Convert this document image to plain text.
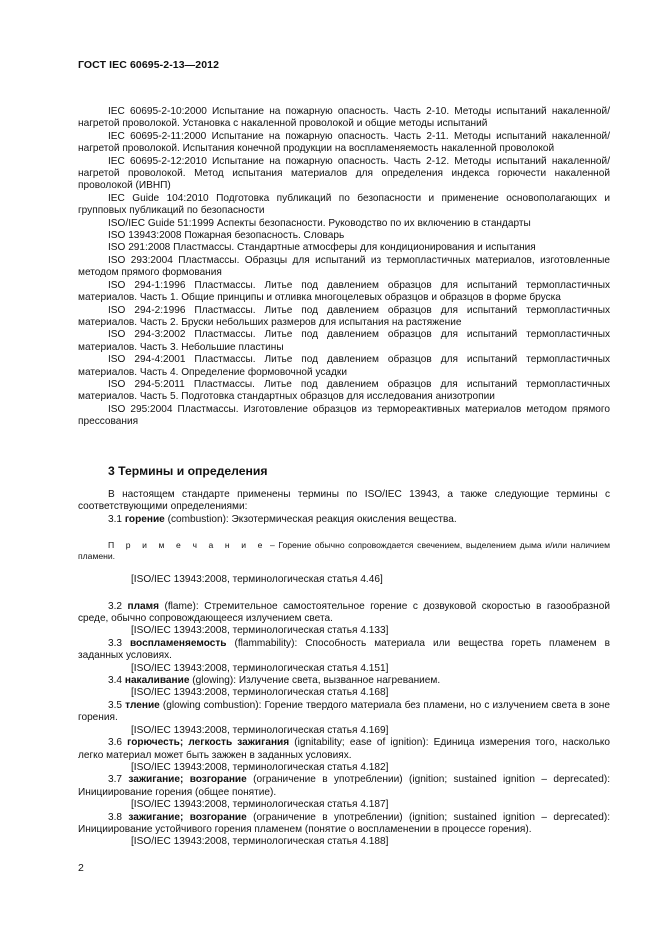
ГОСТ IEC 60695-2-13—2012

IEC 60695-2-10:2000 Испытание на пожарную опасность. Часть 2-10. Методы испытаний накаленной/нагретой проволокой. Установка с накаленной проволокой и общие методы испытаний

IEC 60695-2-11:2000 Испытание на пожарную опасность. Часть 2-11. Методы испытаний накаленной/нагретой проволокой. Испытания конечной продукции на воспламеняемость накаленной проволокой

IEC 60695-2-12:2010 Испытание на пожарную опасность. Часть 2-12. Методы испытаний накаленной/нагретой проволокой. Метод испытания материалов для определения индекса горючести накаленной проволокой (ИВНП)

IEC Guide 104:2010 Подготовка публикаций по безопасности и применение основополагающих и групповых публикаций по безопасности

ISO/IEC Guide 51:1999 Аспекты безопасности. Руководство по их включению в стандарты

ISO 13943:2008 Пожарная безопасность. Словарь

ISO 291:2008 Пластмассы. Стандартные атмосферы для кондиционирования и испытания

ISO 293:2004 Пластмассы. Образцы для испытаний из термопластичных материалов, изготовленные методом прямого формования

ISO 294-1:1996 Пластмассы. Литье под давлением образцов для испытаний термопластичных материалов. Часть 1. Общие принципы и отливка многоцелевых образцов и образцов в форме бруска

ISO 294-2:1996 Пластмассы. Литье под давлением образцов для испытаний термопластичных материалов. Часть 2. Бруски небольших размеров для испытания на растяжение

ISO 294-3:2002 Пластмассы. Литье под давлением образцов для испытаний термопластичных материалов. Часть 3. Небольшие пластины

ISO 294-4:2001 Пластмассы. Литье под давлением образцов для испытаний термопластичных материалов. Часть 4. Определение формовочной усадки

ISO 294-5:2011 Пластмассы. Литье под давлением образцов для испытаний термопластичных материалов. Часть 5. Подготовка стандартных образцов для исследования анизотропии

ISO 295:2004 Пластмассы. Изготовление образцов из термореактивных материалов методом прямого прессования

3 Термины и определения

В настоящем стандарте применены термины по ISO/IEC 13943, а также следующие термины с соответствующими определениями:

3.1 горение (combustion): Экзотермическая реакция окисления вещества.

П р и м е ч а н и е – Горение обычно сопровождается свечением, выделением дыма и/или наличием пламени.

[ISO/IEC 13943:2008, терминологическая статья 4.46]

3.2 пламя (flame): Стремительное самостоятельное горение с дозвуковой скоростью в газообразной среде, обычно сопровождающееся излучением света.

[ISO/IEC 13943:2008, терминологическая статья 4.133]

3.3 воспламеняемость (flammability): Способность материала или вещества гореть пламенем в заданных условиях.

[ISO/IEC 13943:2008, терминологическая статья 4.151]

3.4 накаливание (glowing): Излучение света, вызванное нагреванием.

[ISO/IEC 13943:2008, терминологическая статья 4.168]

3.5 тление (glowing combustion): Горение твердого материала без пламени, но с излучением света в зоне горения.

[ISO/IEC 13943:2008, терминологическая статья 4.169]

3.6 горючесть; легкость зажигания (ignitability; ease of ignition): Единица измерения того, насколько легко материал может быть зажжен в заданных условиях.

[ISO/IEC 13943:2008, терминологическая статья 4.182]

3.7 зажигание; возгорание (ограничение в употреблении) (ignition; sustained ignition – deprecated): Инициирование горения (общее понятие).

[ISO/IEC 13943:2008, терминологическая статья 4.187]

3.8 зажигание; возгорание (ограничение в употреблении) (ignition; sustained ignition – deprecated): Инициирование устойчивого горения пламенем (понятие о воспламенении в процессе горения).

[ISO/IEC 13943:2008, терминологическая статья 4.188]

2
